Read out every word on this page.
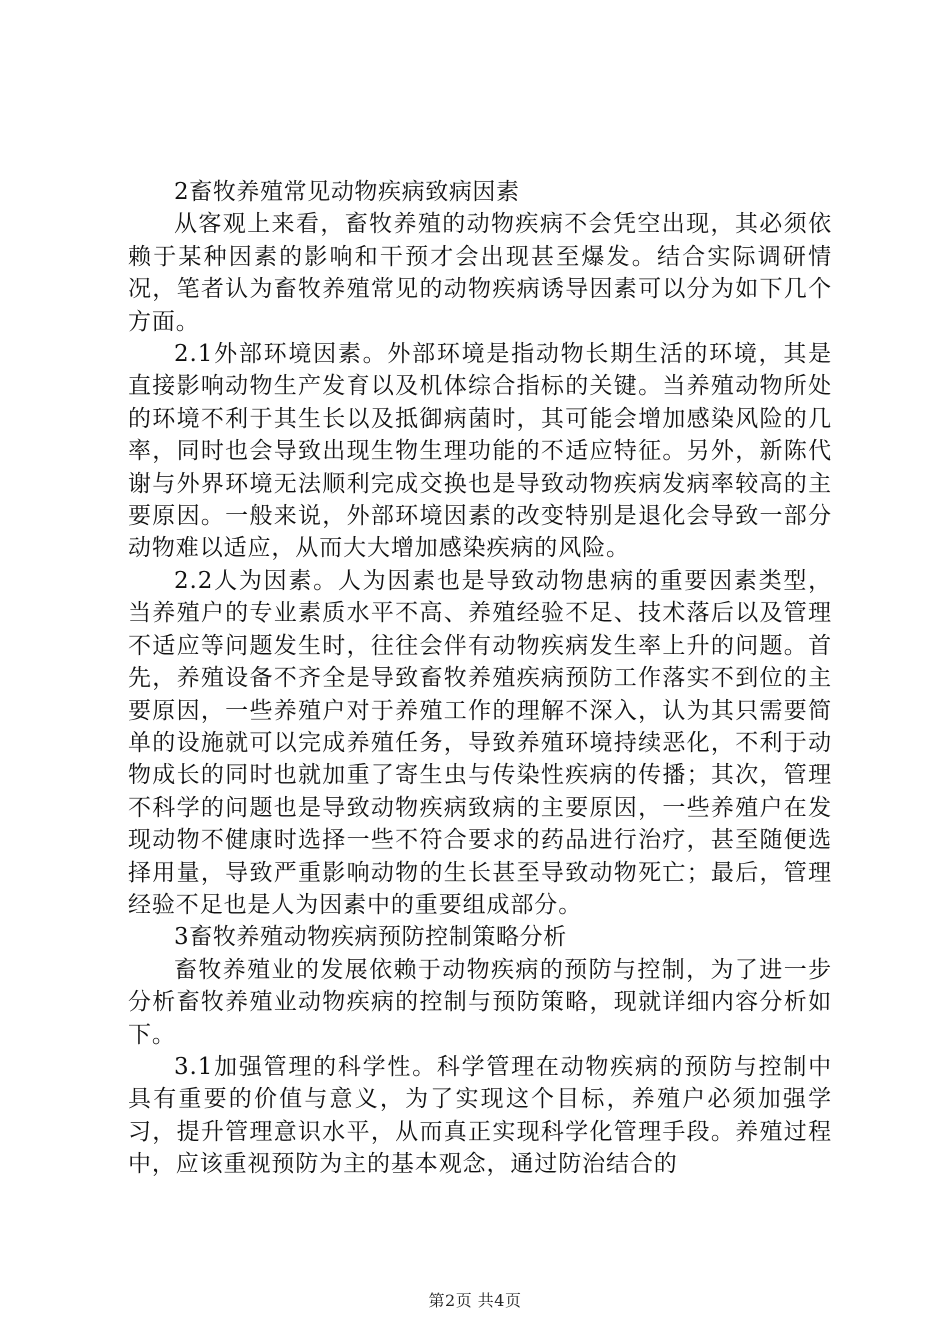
2畜牧养殖常见动物疾病致病因素

从客观上来看，畜牧养殖的动物疾病不会凭空出现，其必须依赖于某种因素的影响和干预才会出现甚至爆发。结合实际调研情况，笔者认为畜牧养殖常见的动物疾病诱导因素可以分为如下几个方面。

2.1外部环境因素。外部环境是指动物长期生活的环境，其是直接影响动物生产发育以及机体综合指标的关键。当养殖动物所处的环境不利于其生长以及抵御病菌时，其可能会增加感染风险的几率，同时也会导致出现生物生理功能的不适应特征。另外，新陈代谢与外界环境无法顺利完成交换也是导致动物疾病发病率较高的主要原因。一般来说，外部环境因素的改变特别是退化会导致一部分动物难以适应，从而大大增加感染疾病的风险。

2.2人为因素。人为因素也是导致动物患病的重要因素类型，当养殖户的专业素质水平不高、养殖经验不足、技术落后以及管理不适应等问题发生时，往往会伴有动物疾病发生率上升的问题。首先，养殖设备不齐全是导致畜牧养殖疾病预防工作落实不到位的主要原因，一些养殖户对于养殖工作的理解不深入，认为其只需要简单的设施就可以完成养殖任务，导致养殖环境持续恶化，不利于动物成长的同时也就加重了寄生虫与传染性疾病的传播；其次，管理不科学的问题也是导致动物疾病致病的主要原因，一些养殖户在发现动物不健康时选择一些不符合要求的药品进行治疗，甚至随便选择用量，导致严重影响动物的生长甚至导致动物死亡；最后，管理经验不足也是人为因素中的重要组成部分。

3畜牧养殖动物疾病预防控制策略分析

畜牧养殖业的发展依赖于动物疾病的预防与控制，为了进一步分析畜牧养殖业动物疾病的控制与预防策略，现就详细内容分析如下。

3.1加强管理的科学性。科学管理在动物疾病的预防与控制中具有重要的价值与意义，为了实现这个目标，养殖户必须加强学习，提升管理意识水平，从而真正实现科学化管理手段。养殖过程中，应该重视预防为主的基本观念，通过防治结合的

第2页 共4页
